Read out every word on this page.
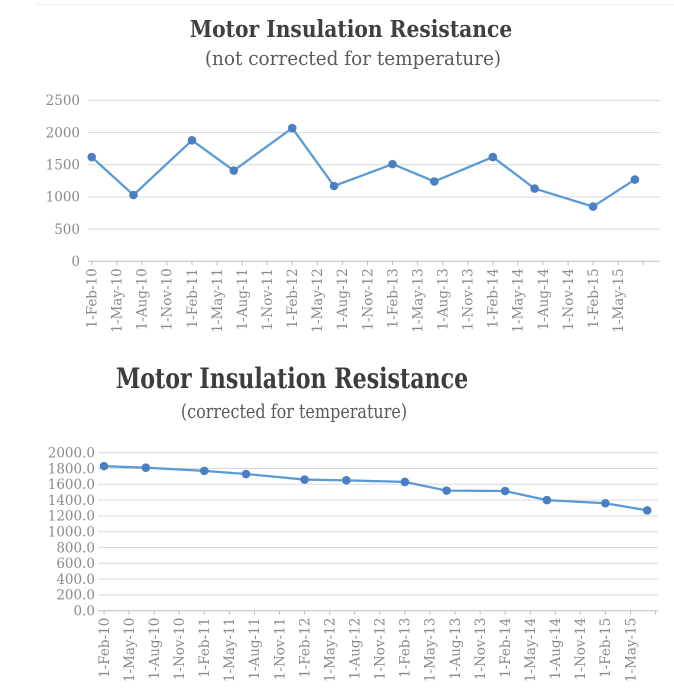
Motor Insulation Resistance
(not corrected for temperature)
Motor Insulation Resistance
(corrected for temperature)
0
500
1000
1500
2000
2500
1-Feb-10 1-May-10 1-Aug-10 1-Nov-10 1-Feb-11 1-May-11 1-Aug-11 1-Nov-11 1-Feb-12 1-May-12 1-Aug-12 1-Nov-12 1-Feb-13 1-May-13 1-Aug-13 1-Nov-13 1-Feb-14 1-May-14 1-Aug-14 1-Nov-14 1-Feb-15 1-May-15
0.0
200.0
400.0
600.0
800.0
1000.0
1200.0
1400.0
1600.0
1800.0
2000.0
1-Feb-10 1-May-10 1-Aug-10 1-Nov-10 1-Feb-11 1-May-11 1-Aug-11 1-Nov-11 1-Feb-12 1-May-12 1-Aug-12 1-Nov-12 1-Feb-13 1-May-13 1-Aug-13 1-Nov-13 1-Feb-14 1-May-14 1-Aug-14 1-Nov-14 1-Feb-15 1-May-15
